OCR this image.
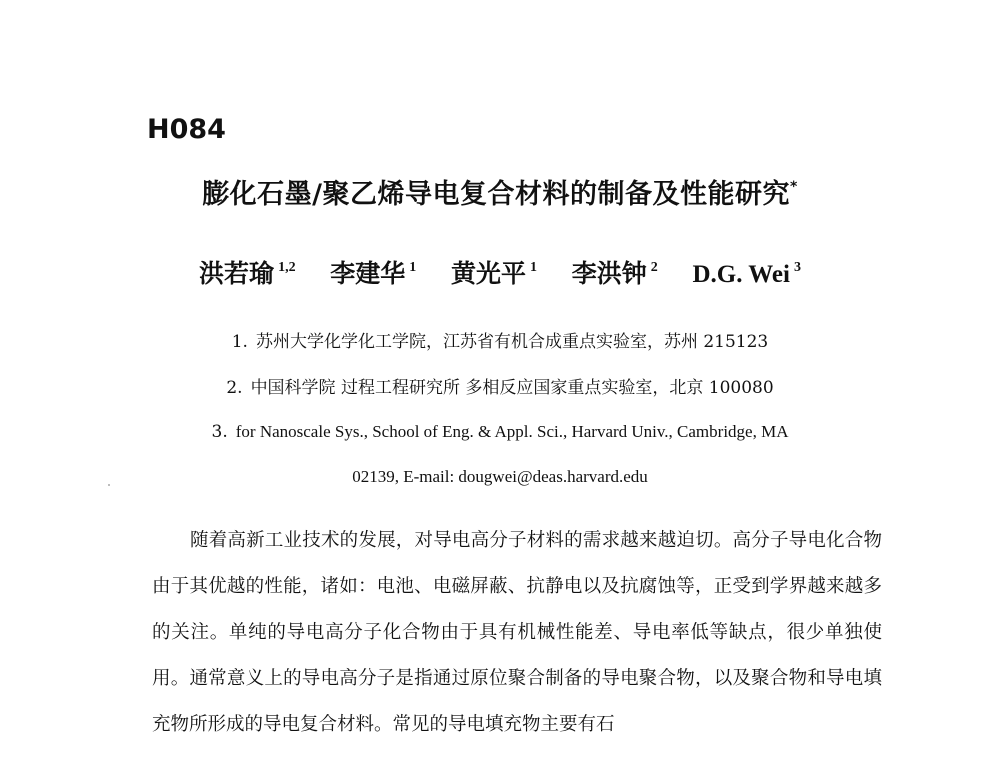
H084
膨化石墨/聚乙烯导电复合材料的制备及性能研究*
洪若瑜 $^{1,2}$ 李建华 $^1$ 黄光平 $^1$ 李洪钟 $^2$ D.G. Wei $^3$
1. 苏州大学化学化工学院，江苏省有机合成重点实验室，苏州 215123
2. 中国科学院 过程工程研究所 多相反应国家重点实验室，北京 100080
3. for Nanoscale Sys., School of Eng. & Appl. Sci., Harvard Univ., Cambridge, MA
02139, E-mail: dougwei@deas.harvard.edu
随着高新工业技术的发展，对导电高分子材料的需求越来越迫切。高分子导电化合物由于其优越的性能，诸如：电池、电磁屏蔽、抗静电以及抗腐蚀等，正受到学界越来越多的关注。单纯的导电高分子化合物由于具有机械性能差、导电率低等缺点，很少单独使用。通常意义上的导电高分子是指通过原位聚合制备的导电聚合物，以及聚合物和导电填充物所形成的导电复合材料。常见的导电填充物主要有石
